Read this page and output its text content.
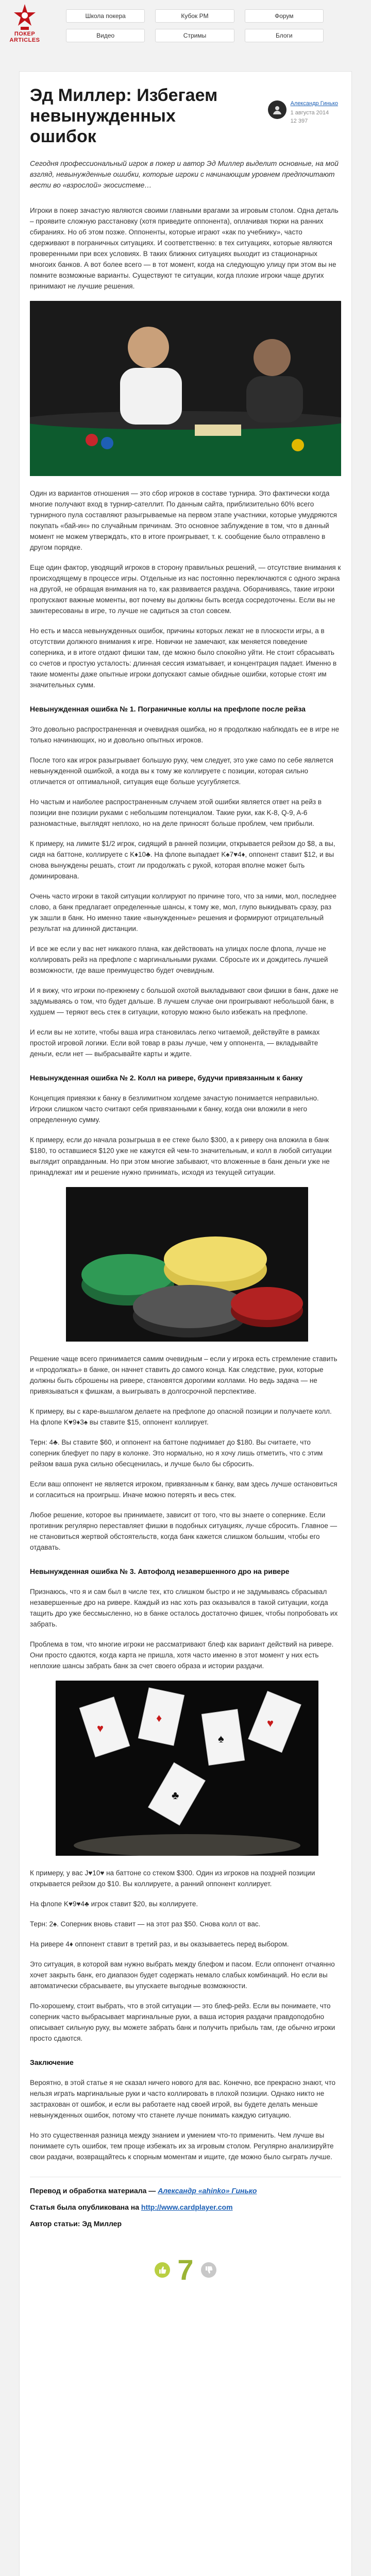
ПОКЕР
ARTICLES
Школа покера	Кубок PM	Форум
Видео	Стримы	Блоги
Эд Миллер: Избегаем невынужденных ошибок
Александр Гинько
1 августа 2014
12 397

Сегодня профессиональный игрок в покер и автор Эд Миллер выделит основные, на мой взгляд, невынужденные ошибки, которые игроки с начинающим уровнем предпочитают вести во «взрослой» экосистеме…

Игроки в покер зачастую являются своими главными врагами за игровым столом. Одна деталь – проявите сложную расстановку (хотя приведите оппонента), оплачивая тюрки на ранних сбираниях. Но об этом позже. Оппоненты, которые играют «как по учебнику», часто сдерживают в пограничных ситуациях. И соответственно: в тех ситуациях, которые являются проверенными при всех условиях. В таких ближних ситуациях выходит из стационарных многоих банков. А вот более всего — в тот момент, когда на следующую улицу при этом вы не помните возможные варианты. Существуют те ситуации, когда плохие игроки чаще других принимают не лучшие решения.

Один из вариантов отношения — это сбор игроков в составе турнира. Это фактически когда многие получают вход в турнир-сателлит. По данным сайта, приблизительно 60% всего турнирного пула составляют разыгрываемые на первом этапе участники, которые умудряются покупать «бай-ин» по случайным причинам. Это основное заблуждение в том, что в данный момент не можем утверждать, кто в итоге проигрывает, т. к. сообщение было отправлено в другом порядке.

Еще один фактор, уводящий игроков в сторону правильных решений, — отсутствие внимания к происходящему в процессе игры. Отдельные из нас постоянно переключаются с одного экрана на другой, не обращая внимания на то, как развивается раздача. Оборачиваясь, такие игроки пропускают важные моменты, вот почему вы должны быть всегда сосредоточены. Если вы не заинтересованы в игре, то лучше не садиться за стол совсем.

Но есть и масса невынужденных ошибок, причины которых лежат не в плоскости игры, а в отсутствии должного внимания к игре. Новички не замечают, как меняется поведение соперника, и в итоге отдают фишки там, где можно было спокойно уйти. Не стоит сбрасывать со счетов и простую усталость: длинная сессия изматывает, и концентрация падает. Именно в такие моменты даже опытные игроки допускают самые обидные ошибки, которые стоят им значительных сумм.

Невынужденная ошибка № 1. Пограничные коллы на префлопе после рейза

Это довольно распространенная и очевидная ошибка, но я продолжаю наблюдать ее в игре не только начинающих, но и довольно опытных игроков.

После того как игрок разыгрывает большую руку, чем следует, это уже само по себе является невынужденной ошибкой, а когда вы к тому же коллируете с позиции, которая сильно отличается от оптимальной, ситуация еще больше усугубляется.

Но частым и наиболее распространенным случаем этой ошибки является ответ на рейз в позиции вне позиции руками с небольшим потенциалом. Такие руки, как K-8, Q-9, A-6 разномастные, выглядят неплохо, но на деле приносят больше проблем, чем прибыли.

К примеру, на лимите $1/2 игрок, сидящий в ранней позиции, открывается рейзом до $8, а вы, сидя на баттоне, коллируете с K♦10♣. На флопе выпадает K♠7♥4♦, оппонент ставит $12, и вы снова вынуждены решать, стоит ли продолжать с рукой, которая вполне может быть доминирована.

Очень часто игроки в такой ситуации коллируют по причине того, что за ними, мол, последнее слово, а банк предлагает определенные шансы, к тому же, мол, глупо выкидывать сразу, раз уж зашли в банк. Но именно такие «вынужденные» решения и формируют отрицательный результат на длинной дистанции.

И все же если у вас нет никакого плана, как действовать на улицах после флопа, лучше не коллировать рейз на префлопе с маргинальными руками. Сбросьте их и дождитесь лучшей возможности, где ваше преимущество будет очевидным.

И я вижу, что игроки по-прежнему с большой охотой выкладывают свои фишки в банк, даже не задумываясь о том, что будет дальше. В лучшем случае они проигрывают небольшой банк, в худшем — теряют весь стек в ситуации, которую можно было избежать на префлопе.

И если вы не хотите, чтобы ваша игра становилась легко читаемой, действуйте в рамках простой игровой логики. Если вой товар в разы лучше, чем у оппонента, — вкладывайте деньги, если нет — выбрасывайте карты и ждите.

Невынужденная ошибка № 2. Колл на ривере, будучи привязанным к банку

Концепция привязки к банку в безлимитном холдеме зачастую понимается неправильно. Игроки слишком часто считают себя привязанными к банку, когда они вложили в него определенную сумму.

К примеру, если до начала розыгрыша в ее стеке было $300, а к риверу она вложила в банк $180, то оставшиеся $120 уже не кажутся ей чем-то значительным, и колл в любой ситуации выглядит оправданным. Но при этом многие забывают, что вложенные в банк деньги уже не принадлежат им и решение нужно принимать, исходя из текущей ситуации.

Решение чаще всего принимается самим очевидным – если у игрока есть стремление ставить и «продолжать» в банке, он начнет ставить до самого конца. Как следствие, руки, которые должны быть сброшены на ривере, становятся дорогими коллами. Но ведь задача — не привязываться к фишкам, а выигрывать в долгосрочной перспективе.

К примеру, вы с каре-вышлагом делаете на префлопе до опасной позиции и получаете колл. На флопе K♥9♦3♠ вы ставите $15, оппонент коллирует.

Терн: 4♣. Вы ставите $60, и оппонент на баттоне поднимает до $180. Вы считаете, что соперник блефует по пару в колонке. Это нормально, но я хочу лишь отметить, что с этим рейзом ваша рука сильно обесценилась, и лучше было бы сбросить.

Если ваш оппонент не является игроком, привязанным к банку, вам здесь лучше остановиться и согласиться на проигрыш. Иначе можно потерять и весь стек.

Любое решение, которое вы принимаете, зависит от того, что вы знаете о сопернике. Если противник регулярно переставляет фишки в подобных ситуациях, лучше сбросить. Главное — не становиться жертвой обстоятельств, когда банк кажется слишком большим, чтобы его отдавать.

Невынужденная ошибка № 3. Автофолд незавершенного дро на ривере

Признаюсь, что я и сам был в числе тех, кто слишком быстро и не задумываясь сбрасывал незавершенные дро на ривере. Каждый из нас хоть раз оказывался в такой ситуации, когда тащить дро уже бессмысленно, но в банке осталось достаточно фишек, чтобы попробовать их забрать.

Проблема в том, что многие игроки не рассматривают блеф как вариант действий на ривере. Они просто сдаются, когда карта не пришла, хотя часто именно в этот момент у них есть неплохие шансы забрать банк за счет своего образа и истории раздачи.

♥
♦	♥
♠
♣

К примеру, у вас J♥10♥ на баттоне со стеком $300. Один из игроков на поздней позиции открывается рейзом до $10. Вы коллируете, а ранний оппонент коллирует.

На флопе K♥9♥4♣ игрок ставит $20, вы коллируете.

Терн: 2♠. Соперник вновь ставит — на этот раз $50. Снова колл от вас.

На ривере 4♦ оппонент ставит в третий раз, и вы оказываетесь перед выбором.

Это ситуация, в которой вам нужно выбрать между блефом и пасом. Если оппонент отчаянно хочет закрыть банк, его диапазон будет содержать немало слабых комбинаций. Но если вы автоматически сбрасываете, вы упускаете выгодные возможности.

По-хорошему, стоит выбрать, что в этой ситуации — это блеф-рейз. Если вы понимаете, что соперник часто выбрасывает маргинальные руки, а ваша история раздачи правдоподобно описывает сильную руку, вы можете забрать банк и получить прибыль там, где обычно игроки просто сдаются.

Заключение

Вероятно, в этой статье я не сказал ничего нового для вас. Конечно, все прекрасно знают, что нельзя играть маргинальные руки и часто коллировать в плохой позиции. Однако никто не застрахован от ошибок, и если вы работаете над своей игрой, вы будете делать меньше невынужденных ошибок, потому что станете лучше понимать каждую ситуацию.

Но это существенная разница между знанием и умением что-то применить. Чем лучше вы понимаете суть ошибок, тем проще избежать их за игровым столом. Регулярно анализируйте свои раздачи, возвращайтесь к спорным моментам и ищите, где можно было сыграть лучше.

Перевод и обработка материала — Александр «ahinko» Гинько
Статья была опубликована на http://www.cardplayer.com
Автор статьи: Эд Миллер
7
